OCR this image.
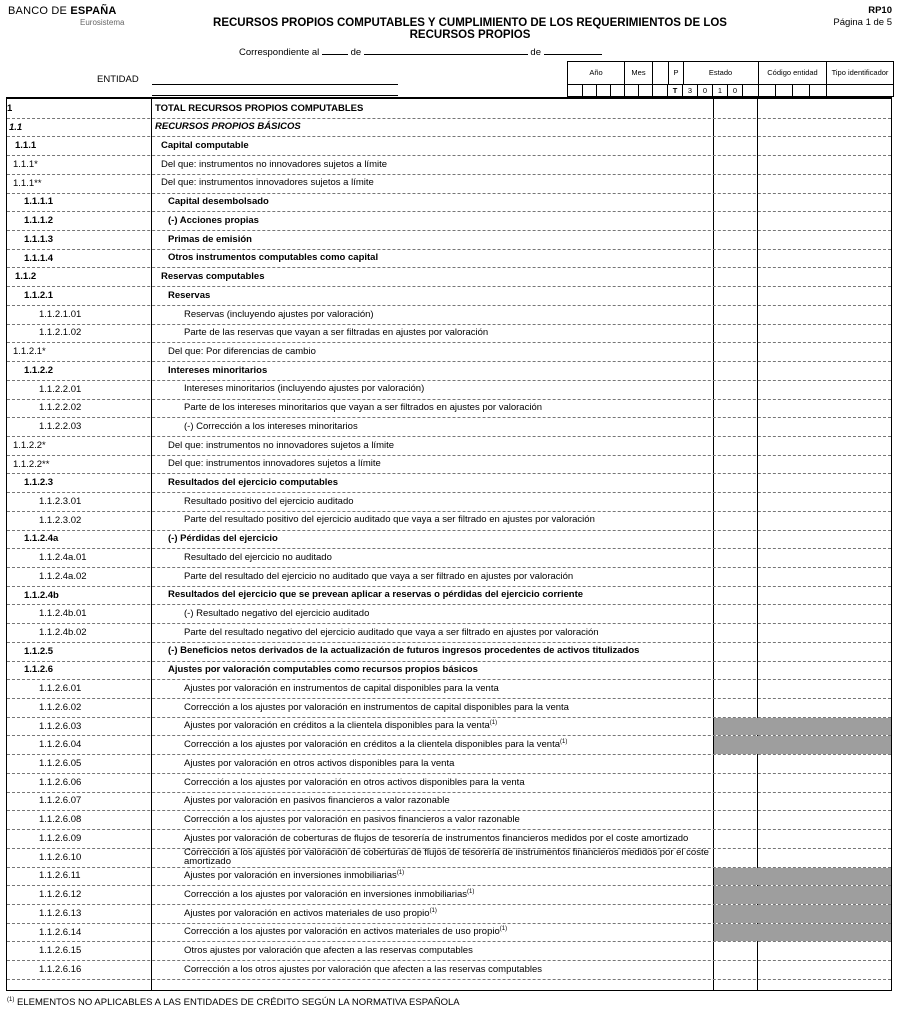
BANCO DE ESPAÑA
Eurosistema	RECURSOS PROPIOS COMPUTABLES Y CUMPLIMIENTO DE LOS REQUERIMIENTOS DE LOS
RECURSOS PROPIOS
RP10
Página 1 de 5
Correspondiente al	de	de
ENTIDAD
Año	Mes	P	Estado	Código entidad	Tipo identificador
T	3	0	1	0
1	TOTAL RECURSOS PROPIOS COMPUTABLES
1.1	RECURSOS PROPIOS BÁSICOS
1.1.1	Capital computable
1.1.1*	Del que: instrumentos no innovadores sujetos a límite
1.1.1**	Del que: instrumentos innovadores sujetos a límite
1.1.1.1	Capital desembolsado
1.1.1.2	(-) Acciones propias
1.1.1.3	Primas de emisión
1.1.1.4	Otros instrumentos computables como capital
1.1.2	Reservas computables
1.1.2.1	Reservas
1.1.2.1.01	Reservas (incluyendo ajustes por valoración)
1.1.2.1.02	Parte de las reservas que vayan a ser filtradas en ajustes por valoración
1.1.2.1*	Del que: Por diferencias de cambio
1.1.2.2	Intereses minoritarios
1.1.2.2.01	Intereses minoritarios (incluyendo ajustes por valoración)
1.1.2.2.02	Parte de los intereses minoritarios que vayan a ser filtrados en ajustes por valoración
1.1.2.2.03	(-) Corrección a los intereses minoritarios
1.1.2.2*	Del que: instrumentos no innovadores sujetos a límite
1.1.2.2**	Del que: instrumentos innovadores sujetos a límite
1.1.2.3	Resultados del ejercicio computables
1.1.2.3.01	Resultado positivo del ejercicio auditado
1.1.2.3.02	Parte del resultado positivo del ejercicio auditado que vaya a ser filtrado en ajustes por valoración
1.1.2.4a	(-) Pérdidas del ejercicio
1.1.2.4a.01	Resultado del ejercicio no auditado
1.1.2.4a.02	Parte del resultado del ejercicio no auditado que vaya a ser filtrado en ajustes por valoración
1.1.2.4b	Resultados del ejercicio que se prevean aplicar a reservas o pérdidas del ejercicio corriente
1.1.2.4b.01	(-) Resultado negativo del ejercicio auditado
1.1.2.4b.02	Parte del resultado negativo del ejercicio auditado que vaya a ser filtrado en ajustes por valoración
1.1.2.5	(-) Beneficios netos derivados de la actualización de futuros ingresos procedentes de activos titulizados
1.1.2.6	Ajustes por valoración computables como recursos propios básicos
1.1.2.6.01	Ajustes por valoración en instrumentos de capital disponibles para la venta
1.1.2.6.02	Corrección a los ajustes por valoración en instrumentos de capital disponibles para la venta
1.1.2.6.03	Ajustes por valoración en créditos a la clientela disponibles para la venta$^{(1)}$
1.1.2.6.04	Corrección a los ajustes por valoración en créditos a la clientela disponibles para la venta$^{(1)}$
1.1.2.6.05	Ajustes por valoración en otros activos disponibles para la venta
1.1.2.6.06	Corrección a los ajustes por valoración en otros activos disponibles para la venta
1.1.2.6.07	Ajustes por valoración en pasivos financieros a valor razonable
1.1.2.6.08	Corrección a los ajustes por valoración en pasivos financieros a valor razonable
1.1.2.6.09	Ajustes por valoración de coberturas de flujos de tesorería de instrumentos financieros medidos por el coste amortizado
1.1.2.6.10	Corrección a los ajustes por valoración de coberturas de flujos de tesorería de instrumentos financieros medidos por el coste amortizado
1.1.2.6.11	Ajustes por valoración en inversiones inmobiliarias$^{(1)}$
1.1.2.6.12	Corrección a los ajustes por valoración en inversiones inmobiliarias$^{(1)}$
1.1.2.6.13	Ajustes por valoración en activos materiales de uso propio$^{(1)}$
1.1.2.6.14	Corrección a los ajustes por valoración en activos materiales de uso propio$^{(1)}$
1.1.2.6.15	Otros ajustes por valoración que afecten a las reservas computables
1.1.2.6.16	Corrección a los otros ajustes por valoración que afecten a las reservas computables
$^{(1)}$ ELEMENTOS NO APLICABLES A LAS ENTIDADES DE CRÉDITO SEGÚN LA NORMATIVA ESPAÑOLA
